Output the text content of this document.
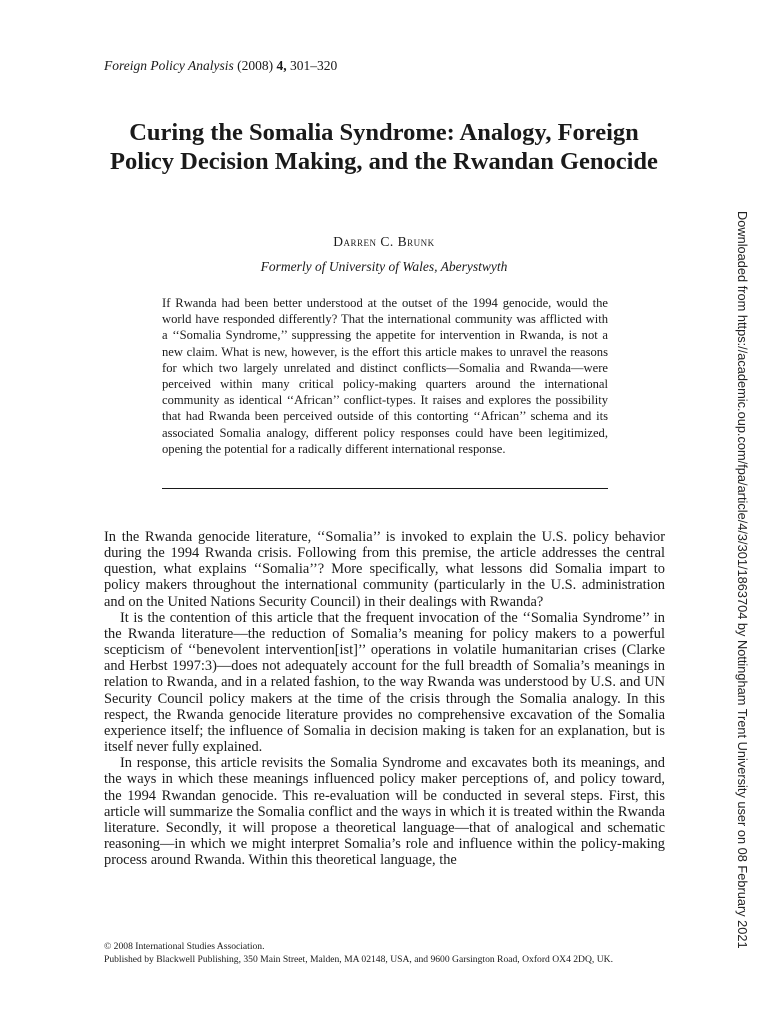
Foreign Policy Analysis (2008) 4, 301–320
Curing the Somalia Syndrome: Analogy, Foreign Policy Decision Making, and the Rwandan Genocide
Darren C. Brunk
Formerly of University of Wales, Aberystwyth

If Rwanda had been better understood at the outset of the 1994 genocide, would the world have responded differently? That the international community was afflicted with a ‘‘Somalia Syndrome,’’ suppressing the appetite for intervention in Rwanda, is not a new claim. What is new, however, is the effort this article makes to unravel the reasons for which two largely unrelated and distinct conflicts—Somalia and Rwanda—were perceived within many critical policy-making quarters around the international community as identical ‘‘African’’ conflict-types. It raises and explores the possibility that had Rwanda been perceived outside of this contorting ‘‘African’’ schema and its associated Somalia analogy, different policy responses could have been legitimized, opening the potential for a radically different international response.

In the Rwanda genocide literature, ‘‘Somalia’’ is invoked to explain the U.S. policy behavior during the 1994 Rwanda crisis. Following from this premise, the article addresses the central question, what explains ‘‘Somalia’’? More specifically, what lessons did Somalia impart to policy makers throughout the international community (particularly in the U.S. administration and on the United Nations Security Council) in their dealings with Rwanda?

It is the contention of this article that the frequent invocation of the ‘‘Somalia Syndrome’’ in the Rwanda literature—the reduction of Somalia’s meaning for policy makers to a powerful scepticism of ‘‘benevolent intervention[ist]’’ operations in volatile humanitarian crises (Clarke and Herbst 1997:3)—does not adequately account for the full breadth of Somalia’s meanings in relation to Rwanda, and in a related fashion, to the way Rwanda was understood by U.S. and UN Security Council policy makers at the time of the crisis through the Somalia analogy. In this respect, the Rwanda genocide literature provides no comprehensive excavation of the Somalia experience itself; the influence of Somalia in decision making is taken for an explanation, but is itself never fully explained.

In response, this article revisits the Somalia Syndrome and excavates both its meanings, and the ways in which these meanings influenced policy maker perceptions of, and policy toward, the 1994 Rwandan genocide. This re-evaluation will be conducted in several steps. First, this article will summarize the Somalia conflict and the ways in which it is treated within the Rwanda literature. Secondly, it will propose a theoretical language—that of analogical and schematic reasoning—in which we might interpret Somalia’s role and influence within the policy-making process around Rwanda. Within this theoretical language, the

© 2008 International Studies Association.
Published by Blackwell Publishing, 350 Main Street, Malden, MA 02148, USA, and 9600 Garsington Road, Oxford OX4 2DQ, UK.
Downloaded from https://academic.oup.com/fpa/article/4/3/301/1863704 by Nottingham Trent University user on 08 February 2021
